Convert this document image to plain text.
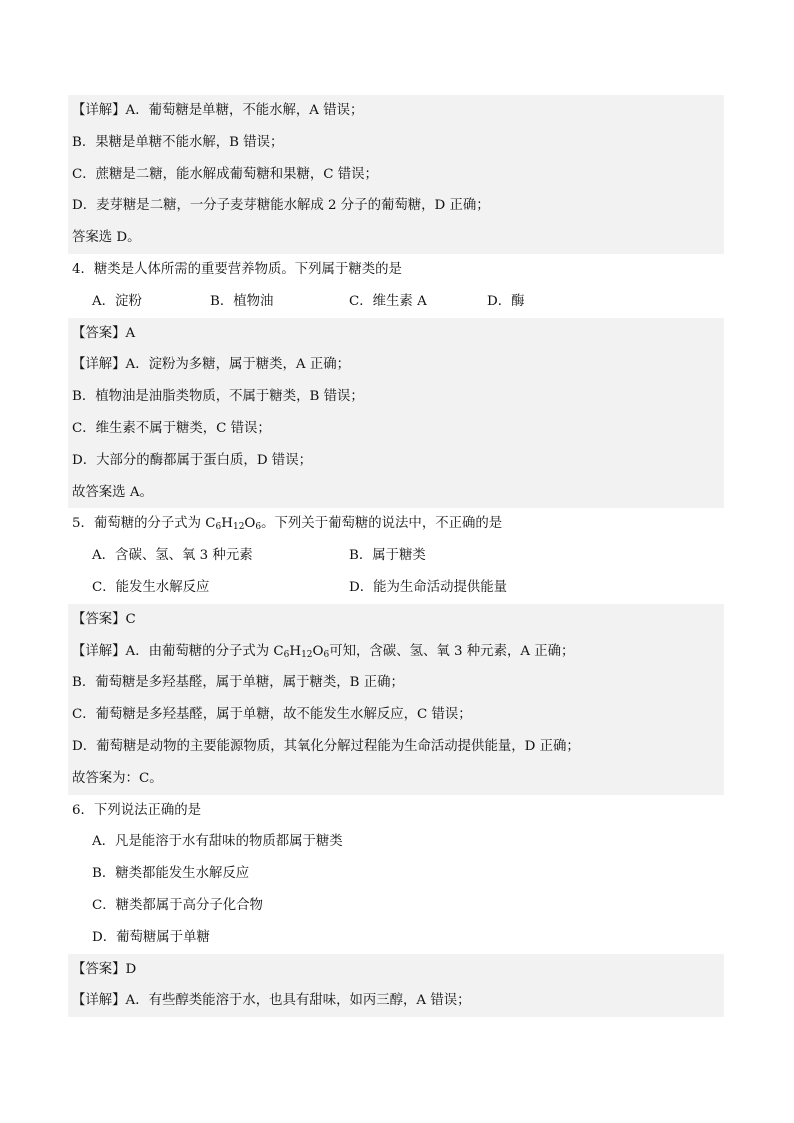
【详解】A．葡萄糖是单糖，不能水解，A 错误；
B．果糖是单糖不能水解，B 错误；
C．蔗糖是二糖，能水解成葡萄糖和果糖，C 错误；
D．麦芽糖是二糖，一分子麦芽糖能水解成 2 分子的葡萄糖，D 正确；
答案选 D。
4．糖类是人体所需的重要营养物质。下列属于糖类的是
A．淀粉	B．植物油	C．维生素 A	D．酶
【答案】A
【详解】A．淀粉为多糖，属于糖类，A 正确；
B．植物油是油脂类物质，不属于糖类，B 错误；
C．维生素不属于糖类，C 错误；
D．大部分的酶都属于蛋白质，D 错误；
故答案选 A。
5．葡萄糖的分子式为 $C_6H_{12}O_6$。下列关于葡萄糖的说法中，不正确的是
A．含碳、氢、氧 3 种元素	B．属于糖类
C．能发生水解反应	D．能为生命活动提供能量
【答案】C
【详解】A．由葡萄糖的分子式为 $C_6H_{12}O_6$可知，含碳、氢、氧 3 种元素，A 正确；
B．葡萄糖是多羟基醛，属于单糖，属于糖类，B 正确；
C．葡萄糖是多羟基醛，属于单糖，故不能发生水解反应，C 错误；
D．葡萄糖是动物的主要能源物质，其氧化分解过程能为生命活动提供能量，D 正确；
故答案为：C。
6．下列说法正确的是
A．凡是能溶于水有甜味的物质都属于糖类
B．糖类都能发生水解反应
C．糖类都属于高分子化合物
D．葡萄糖属于单糖
【答案】D
【详解】A．有些醇类能溶于水，也具有甜味，如丙三醇，A 错误；
